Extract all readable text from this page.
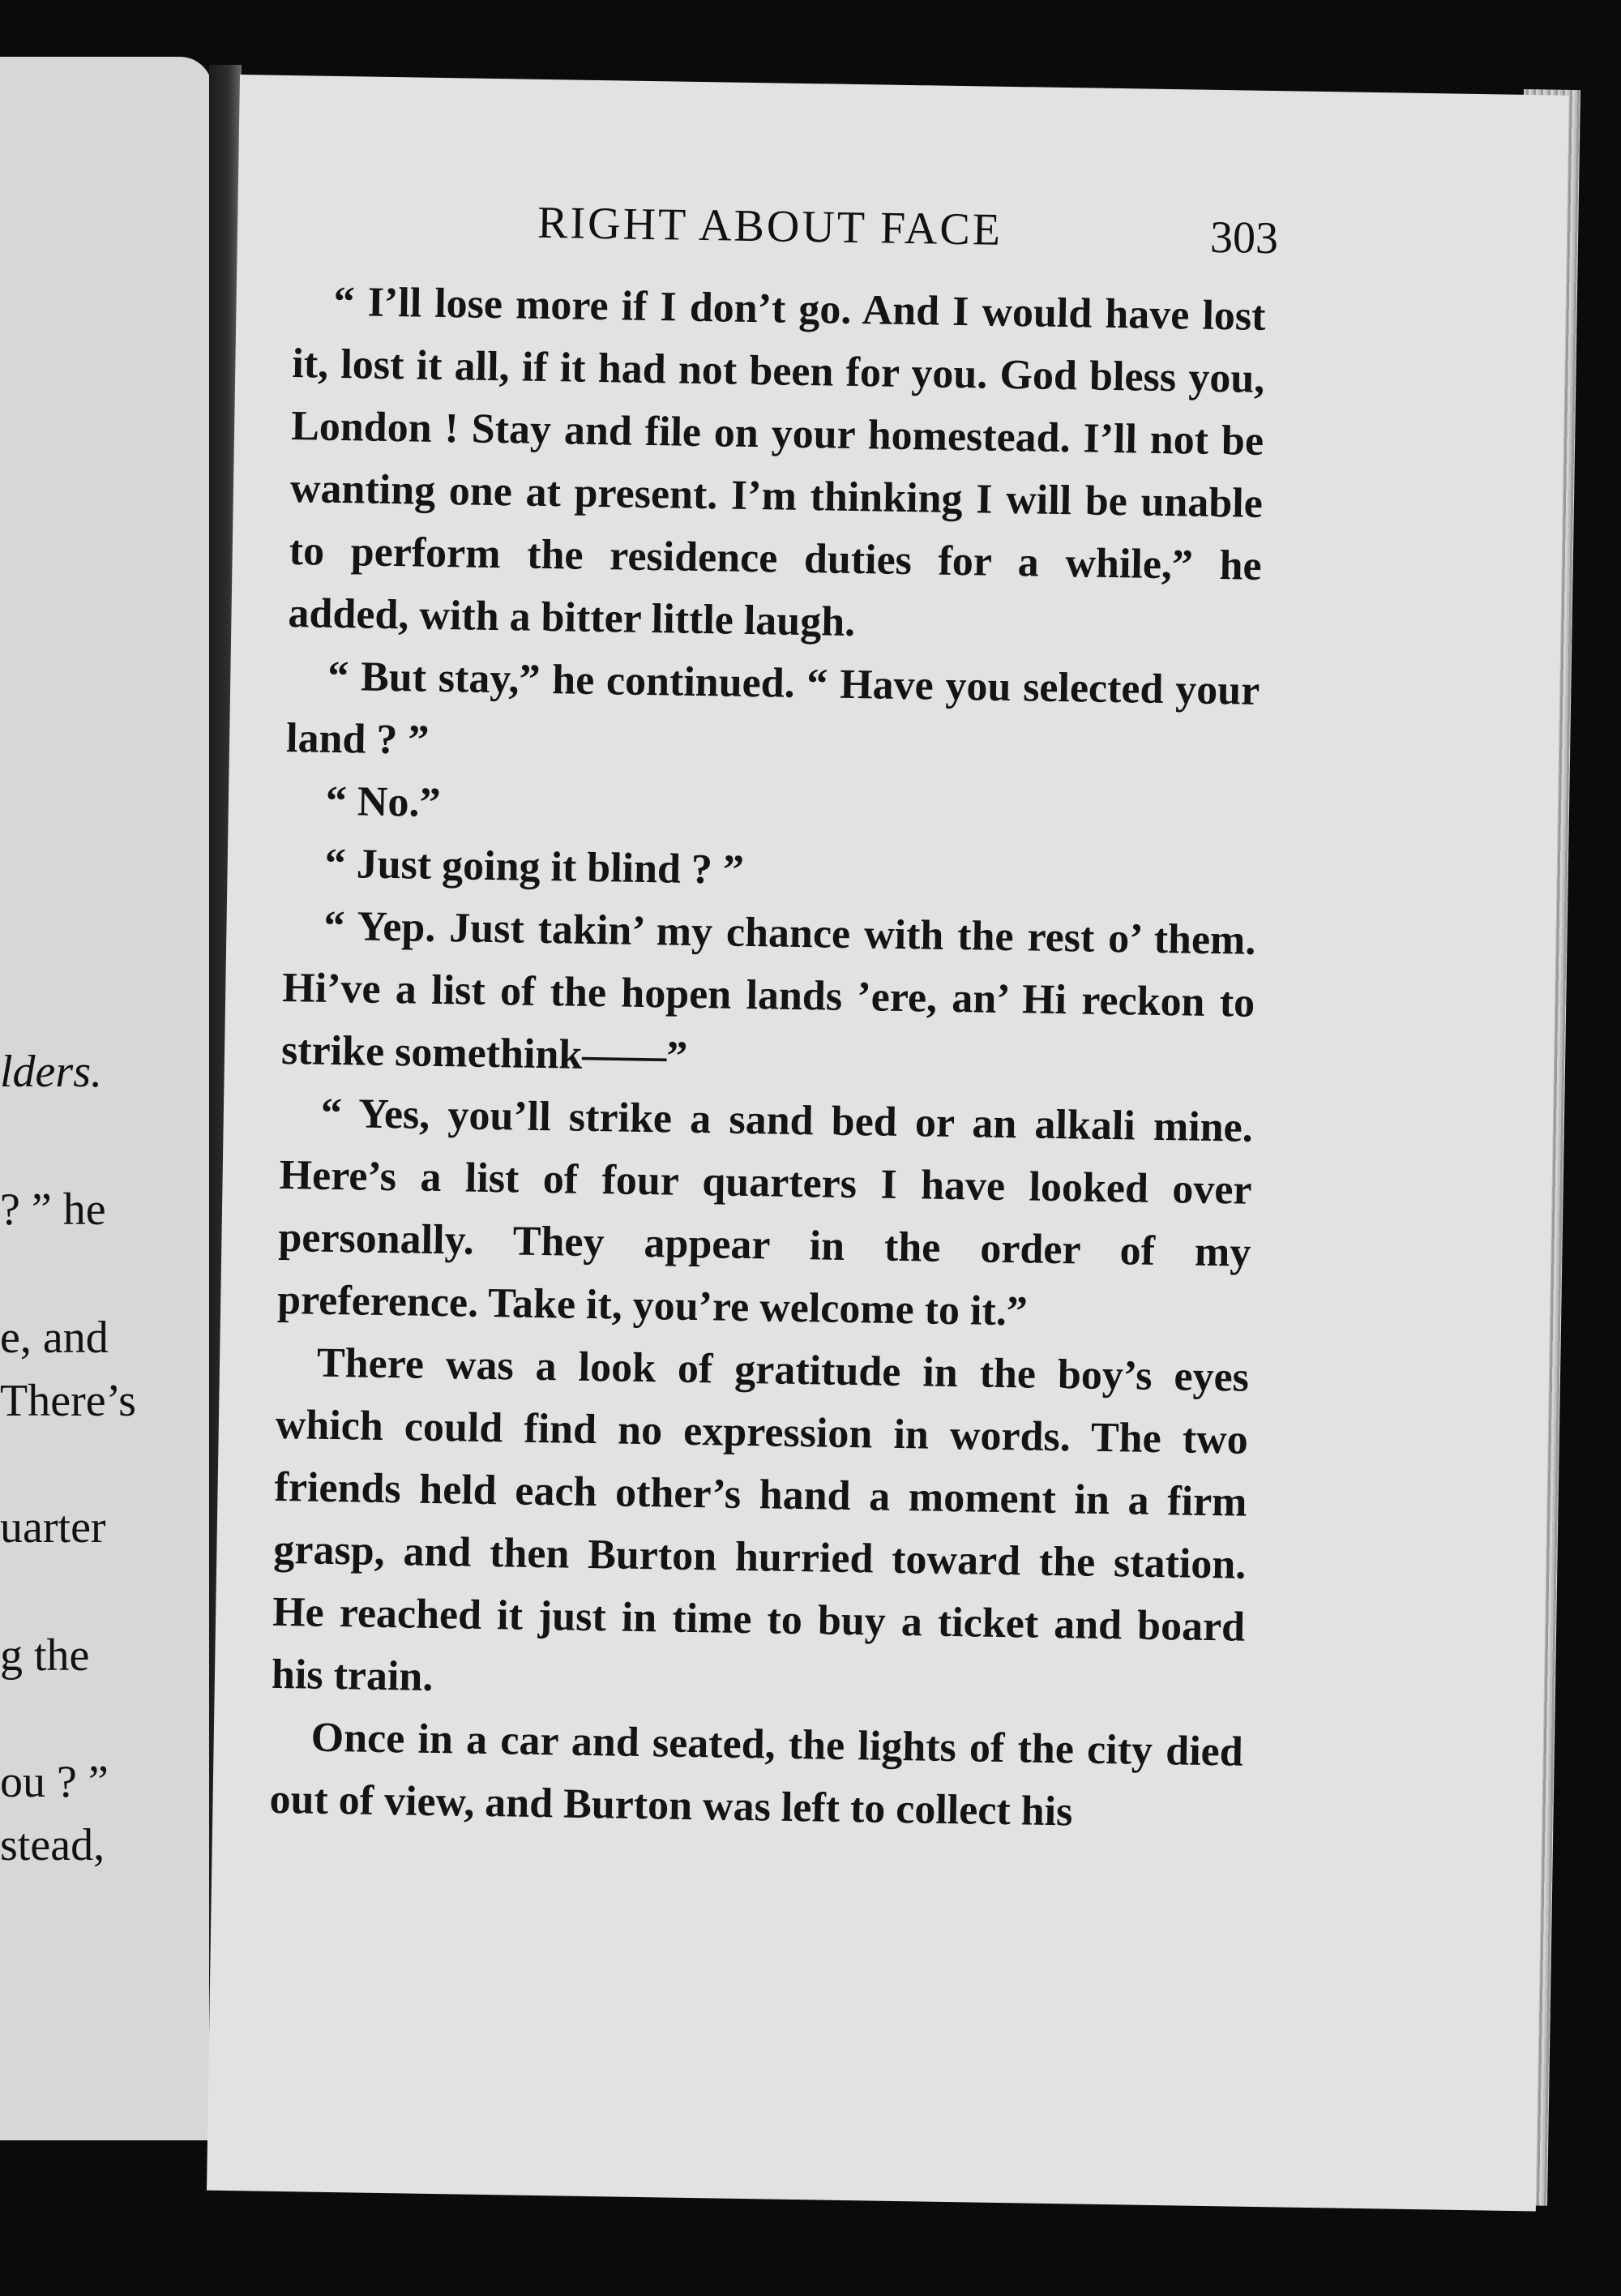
lders.
? ” he
e, and
There’s
uarter
g the
ou ? ”
stead,
RIGHT ABOUT FACE	303

“ I’ll lose more if I don’t go. And I would have lost it, lost it all, if it had not been for you. God bless you, London ! Stay and file on your homestead. I’ll not be wanting one at present. I’m thinking I will be unable to perform the residence duties for a while,” he added, with a bitter little laugh.

“ But stay,” he continued. “ Have you selected your land ? ”

“ No.”

“ Just going it blind ? ”

“ Yep. Just takin’ my chance with the rest o’ them. Hi’ve a list of the hopen lands ’ere, an’ Hi reckon to strike somethink——”

“ Yes, you’ll strike a sand bed or an alkali mine. Here’s a list of four quarters I have looked over personally. They appear in the order of my preference. Take it, you’re welcome to it.”

There was a look of gratitude in the boy’s eyes which could find no expression in words. The two friends held each other’s hand a moment in a firm grasp, and then Burton hurried toward the station. He reached it just in time to buy a ticket and board his train.

Once in a car and seated, the lights of the city died out of view, and Burton was left to collect his
